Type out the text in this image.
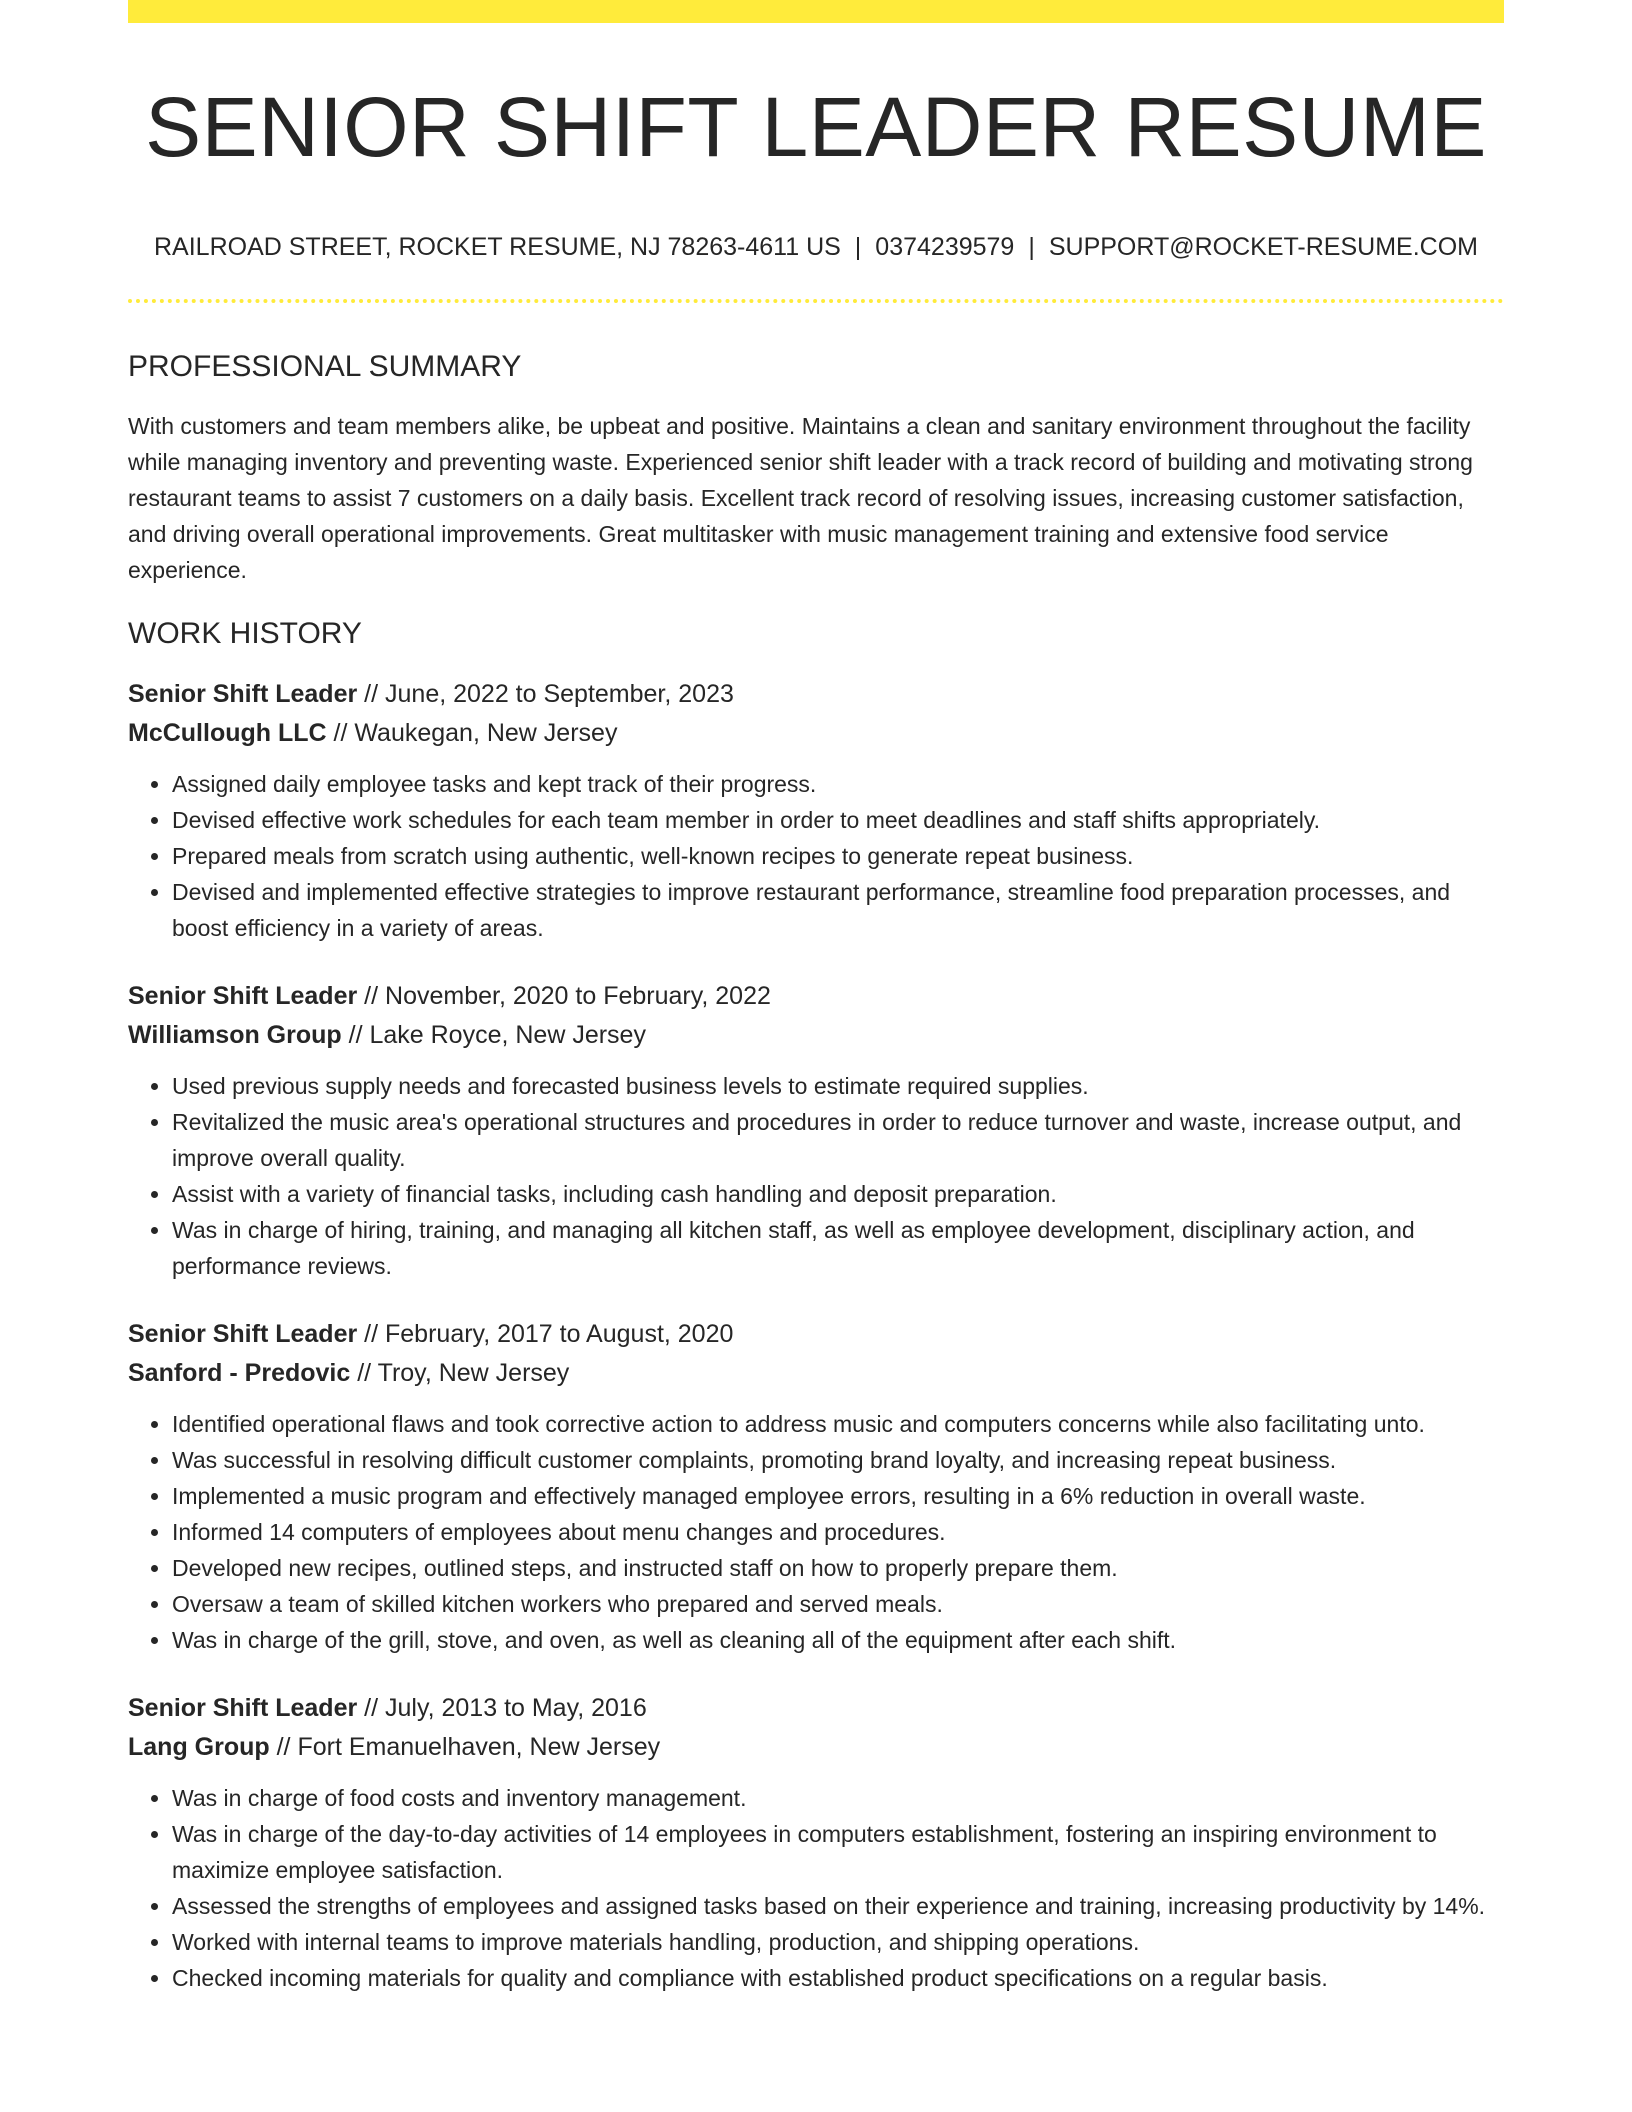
SENIOR SHIFT LEADER RESUME
RAILROAD STREET, ROCKET RESUME, NJ 78263-4611 US | 0374239579 | SUPPORT@ROCKET-RESUME.COM
PROFESSIONAL SUMMARY

With customers and team members alike, be upbeat and positive. Maintains a clean and sanitary environment throughout the facility while managing inventory and preventing waste. Experienced senior shift leader with a track record of building and motivating strong restaurant teams to assist 7 customers on a daily basis. Excellent track record of resolving issues, increasing customer satisfaction, and driving overall operational improvements. Great multitasker with music management training and extensive food service experience.

WORK HISTORY
Senior Shift Leader // June, 2022 to September, 2023
McCullough LLC // Waukegan, New Jersey
• Assigned daily employee tasks and kept track of their progress.
• Devised effective work schedules for each team member in order to meet deadlines and staff shifts appropriately.
• Prepared meals from scratch using authentic, well-known recipes to generate repeat business.
• Devised and implemented effective strategies to improve restaurant performance, streamline food preparation processes, and boost efficiency in a variety of areas.
Senior Shift Leader // November, 2020 to February, 2022
Williamson Group // Lake Royce, New Jersey
• Used previous supply needs and forecasted business levels to estimate required supplies.
• Revitalized the music area's operational structures and procedures in order to reduce turnover and waste, increase output, and improve overall quality.
• Assist with a variety of financial tasks, including cash handling and deposit preparation.
• Was in charge of hiring, training, and managing all kitchen staff, as well as employee development, disciplinary action, and performance reviews.
Senior Shift Leader // February, 2017 to August, 2020
Sanford - Predovic // Troy, New Jersey
• Identified operational flaws and took corrective action to address music and computers concerns while also facilitating unto.
• Was successful in resolving difficult customer complaints, promoting brand loyalty, and increasing repeat business.
• Implemented a music program and effectively managed employee errors, resulting in a 6% reduction in overall waste.
• Informed 14 computers of employees about menu changes and procedures.
• Developed new recipes, outlined steps, and instructed staff on how to properly prepare them.
• Oversaw a team of skilled kitchen workers who prepared and served meals.
• Was in charge of the grill, stove, and oven, as well as cleaning all of the equipment after each shift.
Senior Shift Leader // July, 2013 to May, 2016
Lang Group // Fort Emanuelhaven, New Jersey
• Was in charge of food costs and inventory management.
• Was in charge of the day-to-day activities of 14 employees in computers establishment, fostering an inspiring environment to maximize employee satisfaction.
• Assessed the strengths of employees and assigned tasks based on their experience and training, increasing productivity by 14%.
• Worked with internal teams to improve materials handling, production, and shipping operations.
• Checked incoming materials for quality and compliance with established product specifications on a regular basis.
